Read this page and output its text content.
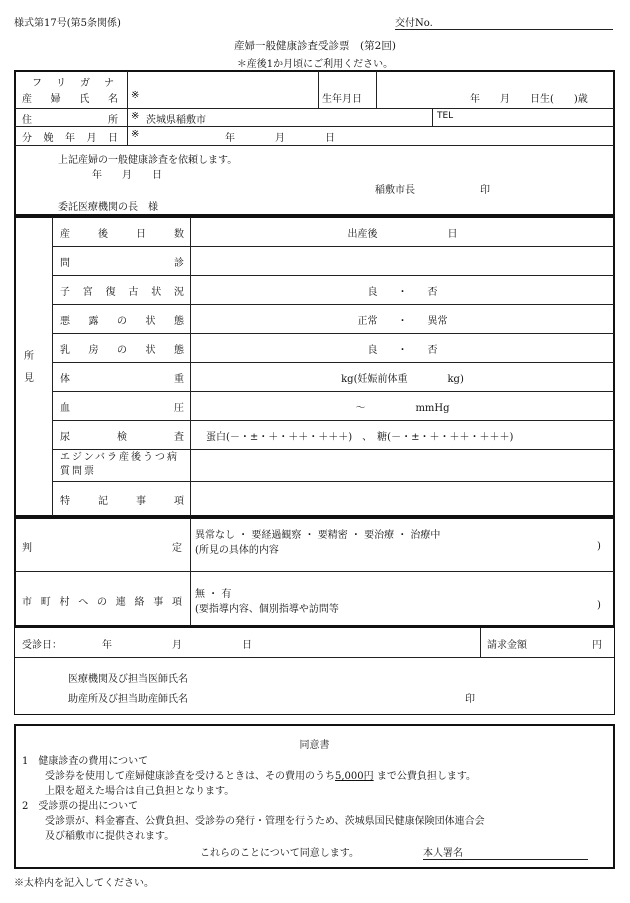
様式第17号(第5条関係)	交付No.
産婦一般健康診査受診票　(第2回)
＊産後1か月頃にご利用ください。
フ リ ガ ナ
産 婦 氏 名 ※	生年月日	年　　月　　日生(　　)歳
住	所 ※ 茨城県稲敷市	TEL
分 娩 年 月 日 ※	年　　　　月　　　　日
上記産婦の一般健康診査を依頼します。
年　　月　　日
稲敷市長	印
委託医療機関の長　様
所見
産後日数	出産後　　　　　　　日
問診
子宮復古状況	良　　・　　否
悪露の状態	正常　　・　　異常
乳房の状態	良　　・　　否
体重	kg(妊娠前体重　　　　kg)
血圧	～　　　　　mmHg
尿検査 蛋白(－・±・＋・＋＋・＋＋＋)　、　糖(－・±・＋・＋＋・＋＋＋)
エジンバラ産後うつ病質問票
特記事項
判	定
異常なし ・ 要経過観察 ・ 要精密 ・ 要治療 ・ 治療中
(所見の具体的内容	)
市 町 村 へ の 連 絡 事 項
無 ・ 有
(要指導内容、個別指導や訪問等	)
受診日：	年　　　　　　月　　　　　　日	請求金額	円
医療機関及び担当医師氏名
助産所及び担当助産師氏名	印
同意書
1　健康診査の費用について
受診券を使用して産婦健康診査を受けるときは、その費用のうち5,000円 まで公費負担します。
上限を超えた場合は自己負担となります。
2　受診票の提出について
受診票が、料金審査、公費負担、受診券の発行・管理を行うため、茨城県国民健康保険団体連合会
及び稲敷市に提供されます。
これらのことについて同意します。	本人署名
※太枠内を記入してください。
